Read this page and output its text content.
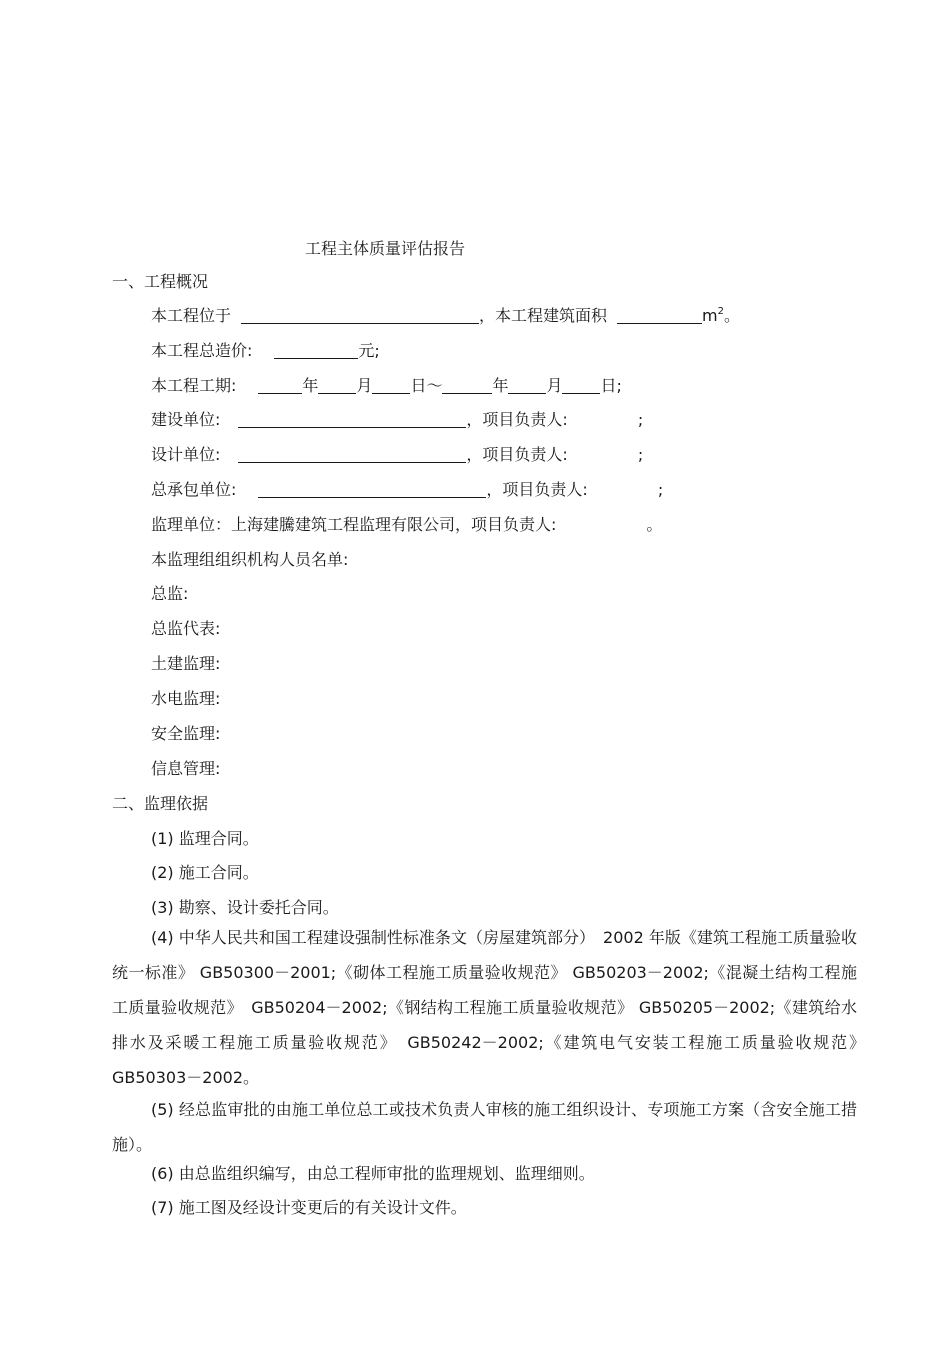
工程主体质量评估报告
一、工程概况
本工程位于	，本工程建筑面积	$m^2$。
本工程总造价:	元;
本工程工期:	年 月 日～	年 月 日;
建设单位:	，项目负责人:	;
设计单位:	，项目负责人:	;
总承包单位:	，项目负责人:	;
监理单位：上海建騰建筑工程监理有限公司，项目负责人:	。
本监理组组织机构人员名单:
总监:
总监代表:
土建监理:
水电监理:
安全监理:
信息管理:
二、监理依据
(1) 监理合同。
(2) 施工合同。
(3) 勘察、设计委托合同。
(4) 中华人民共和国工程建设强制性标准条文（房屋建筑部分）　2002 年版《建筑工程施工质量验收统一标准》 GB50300－2001;《砌体工程施工质量验收规范》 GB50203－2002;《混凝土结构工程施工质量验收规范》　GB50204－2002;《钢结构工程施工质量验收规范》 GB50205－2002;《建筑给水排水及采暖工程施工质量验收规范》　GB50242－2002;《建筑电气安装工程施工质量验收规范》　GB50303－2002。
(5) 经总监审批的由施工单位总工或技术负责人审核的施工组织设计、专项施工方案（含安全施工措施）。
(6) 由总监组织编写，由总工程师审批的监理规划、监理细则。
(7) 施工图及经设计变更后的有关设计文件。
